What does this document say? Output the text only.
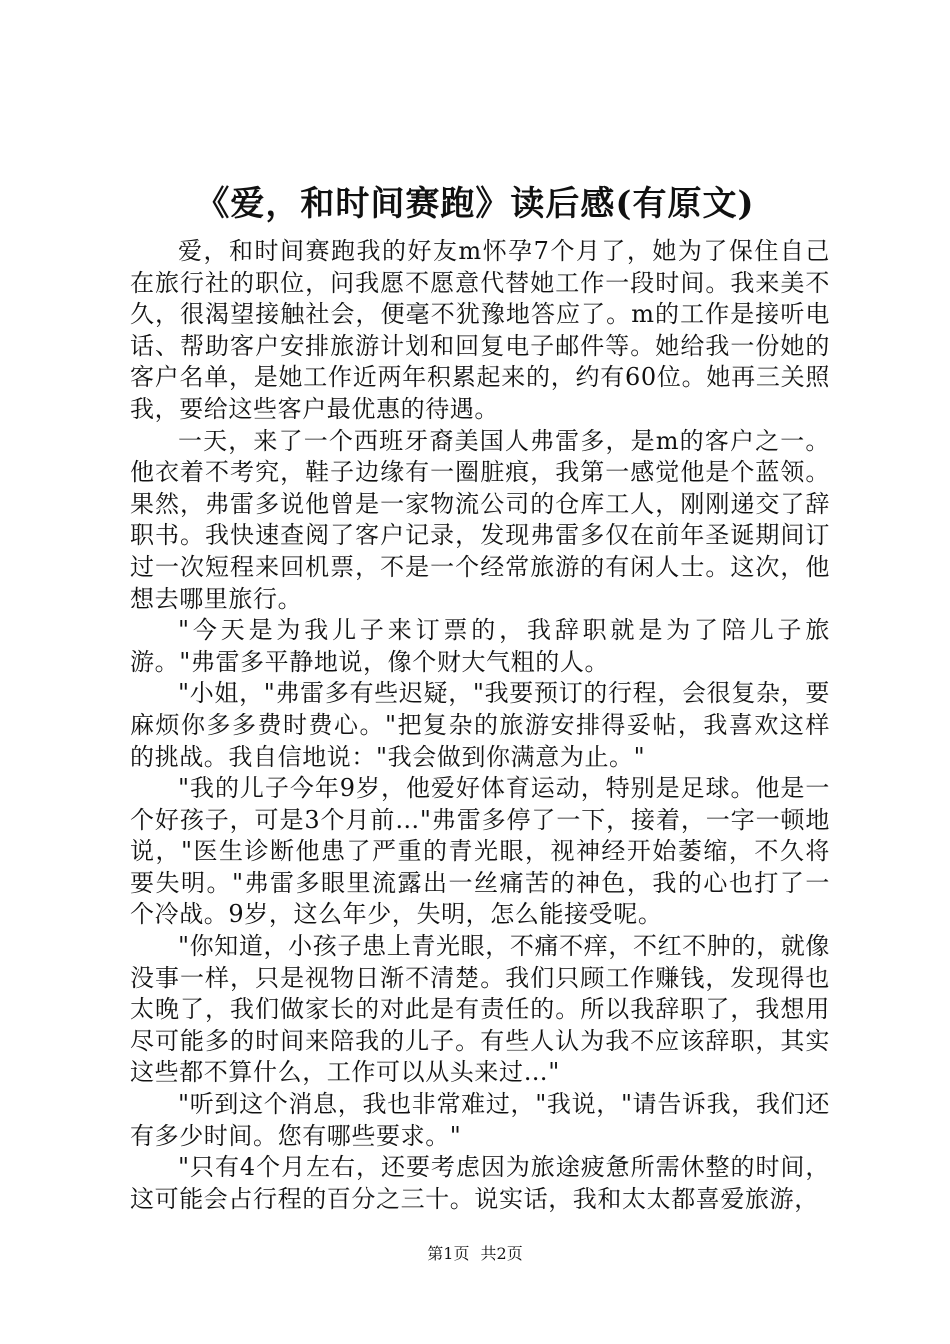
《爱，和时间赛跑》读后感(有原文)

爱，和时间赛跑我的好友m怀孕7个月了，她为了保住自己在旅行社的职位，问我愿不愿意代替她工作一段时间。我来美不久，很渴望接触社会，便毫不犹豫地答应了。m的工作是接听电话、帮助客户安排旅游计划和回复电子邮件等。她给我一份她的客户名单，是她工作近两年积累起来的，约有60位。她再三关照我，要给这些客户最优惠的待遇。

一天，来了一个西班牙裔美国人弗雷多，是m的客户之一。他衣着不考究，鞋子边缘有一圈脏痕，我第一感觉他是个蓝领。果然，弗雷多说他曾是一家物流公司的仓库工人，刚刚递交了辞职书。我快速查阅了客户记录，发现弗雷多仅在前年圣诞期间订过一次短程来回机票，不是一个经常旅游的有闲人士。这次，他想去哪里旅行。

"今天是为我儿子来订票的，我辞职就是为了陪儿子旅游。"弗雷多平静地说，像个财大气粗的人。

"小姐，"弗雷多有些迟疑，"我要预订的行程，会很复杂，要麻烦你多多费时费心。"把复杂的旅游安排得妥帖，我喜欢这样的挑战。我自信地说："我会做到你满意为止。"

"我的儿子今年9岁，他爱好体育运动，特别是足球。他是一个好孩子，可是3个月前…"弗雷多停了一下，接着，一字一顿地说，"医生诊断他患了严重的青光眼，视神经开始萎缩，不久将要失明。"弗雷多眼里流露出一丝痛苦的神色，我的心也打了一个冷战。9岁，这么年少，失明，怎么能接受呢。

"你知道，小孩子患上青光眼，不痛不痒，不红不肿的，就像没事一样，只是视物日渐不清楚。我们只顾工作赚钱，发现得也太晚了，我们做家长的对此是有责任的。所以我辞职了，我想用尽可能多的时间来陪我的儿子。有些人认为我不应该辞职，其实这些都不算什么，工作可以从头来过…"

"听到这个消息，我也非常难过，"我说，"请告诉我，我们还有多少时间。您有哪些要求。"

"只有4个月左右，还要考虑因为旅途疲惫所需休整的时间，这可能会占行程的百分之三十。说实话，我和太太都喜爱旅游，

第1页 共2页
